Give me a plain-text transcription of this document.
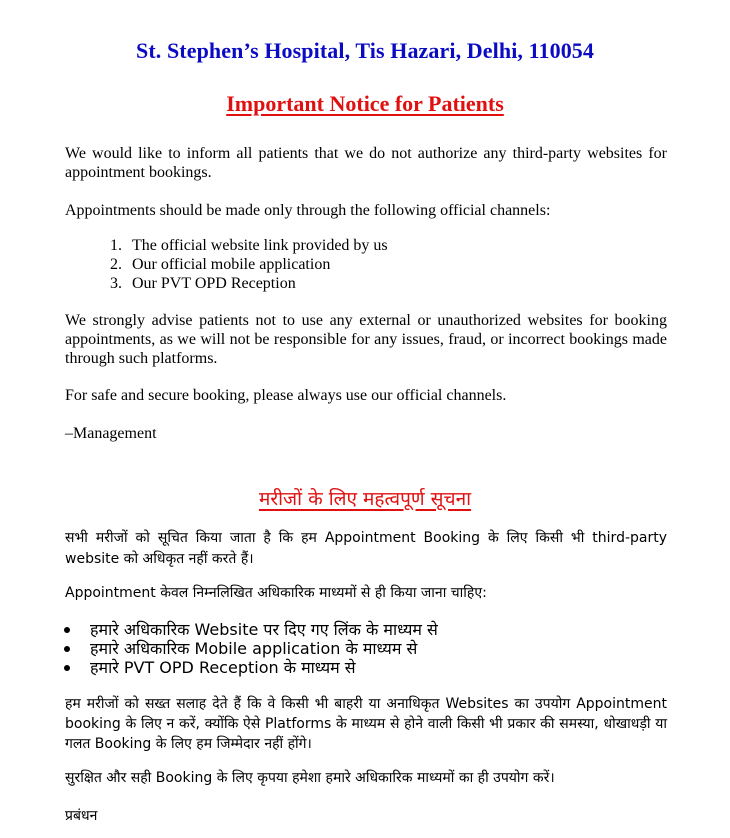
St. Stephen’s Hospital, Tis Hazari, Delhi, 110054
Important Notice for Patients
We would like to inform all patients that we do not authorize any third-party websites for appointment bookings.
Appointments should be made only through the following official channels:
1. The official website link provided by us
2. Our official mobile application
3. Our PVT OPD Reception
We strongly advise patients not to use any external or unauthorized websites for booking appointments, as we will not be responsible for any issues, fraud, or incorrect bookings made through such platforms.
For safe and secure booking, please always use our official channels.
–Management
मरीजों के लिए महत्वपूर्ण सूचना
सभी मरीजों को सूचित किया जाता है कि हम Appointment Booking के लिए किसी भी third-party website को अधिकृत नहीं करते हैं।
Appointment केवल निम्नलिखित अधिकारिक माध्यमों से ही किया जाना चाहिए:
हमारे अधिकारिक Website पर दिए गए लिंक के माध्यम से
हमारे अधिकारिक Mobile application के माध्यम से
हमारे PVT OPD Reception के माध्यम से
हम मरीजों को सख्त सलाह देते हैं कि वे किसी भी बाहरी या अनाधिकृत Websites का उपयोग Appointment booking के लिए न करें, क्योंकि ऐसे Platforms के माध्यम से होने वाली किसी भी प्रकार की समस्या, धोखाधड़ी या गलत Booking के लिए हम जिम्मेदार नहीं होंगे।
सुरक्षित और सही Booking के लिए कृपया हमेशा हमारे अधिकारिक माध्यमों का ही उपयोग करें।
प्रबंधन
